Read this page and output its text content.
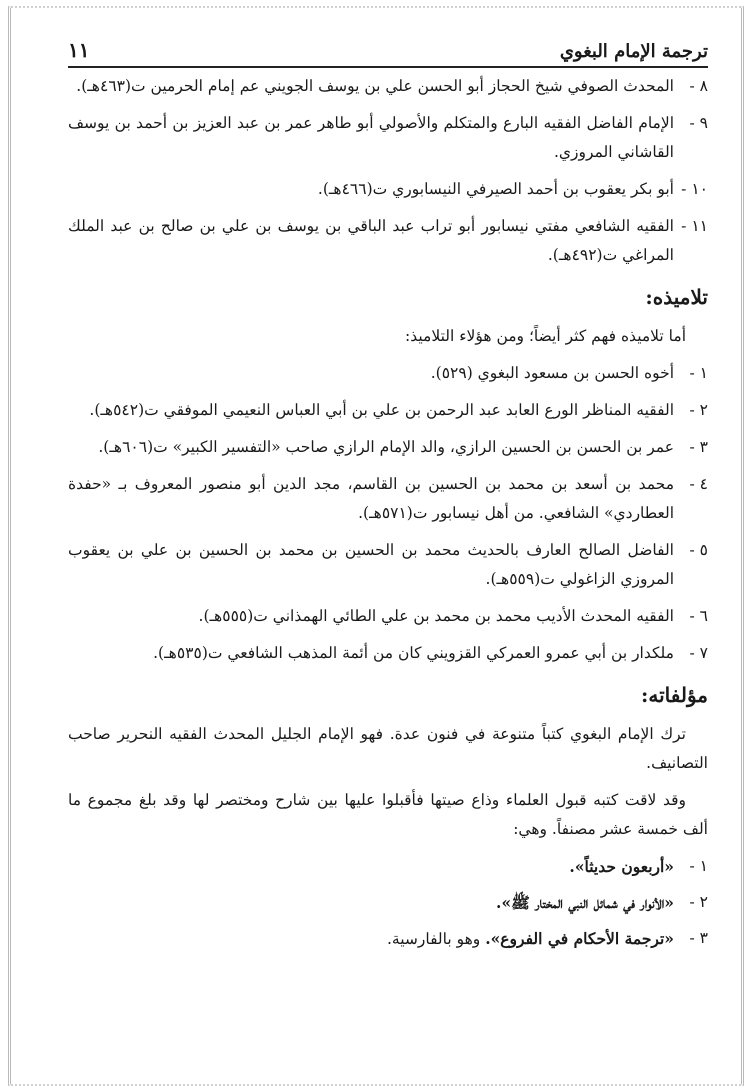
ترجمة الإمام البغوي
١١
٨ -
المحدث الصوفي شيخ الحجاز أبو الحسن علي بن يوسف الجويني عم إمام الحرمين ت(٤٦٣هـ).
٩ -
الإمام الفاضل الفقيه البارع والمتكلم والأصولي أبو طاهر عمر بن عبد العزيز بن أحمد بن يوسف القاشاني المروزي.
١٠ -
أبو بكر يعقوب بن أحمد الصيرفي النيسابوري ت(٤٦٦هـ).
١١ -
الفقيه الشافعي مفتي نيسابور أبو تراب عبد الباقي بن يوسف بن علي بن صالح بن عبد الملك المراغي ت(٤٩٢هـ).
تلاميذه:

أما تلاميذه فهم كثر أيضاً؛ ومن هؤلاء التلاميذ:

١ -
أخوه الحسن بن مسعود البغوي (٥٢٩).
٢ -
الفقيه المناظر الورع العابد عبد الرحمن بن علي بن أبي العباس النعيمي الموفقي ت(٥٤٢هـ).
٣ -
عمر بن الحسن بن الحسين الرازي، والد الإمام الرازي صاحب «التفسير الكبير» ت(٦٠٦هـ).
٤ -
محمد بن أسعد بن محمد بن الحسين بن القاسم، مجد الدين أبو منصور المعروف بـ «حفدة العطاردي» الشافعي. من أهل نيسابور ت(٥٧١هـ).
٥ -
الفاضل الصالح العارف بالحديث محمد بن الحسين بن محمد بن الحسين بن علي بن يعقوب المروزي الزاغولي ت(٥٥٩هـ).
٦ -
الفقيه المحدث الأديب محمد بن محمد بن علي الطائي الهمذاني ت(٥٥٥هـ).
٧ -
ملكدار بن أبي عمرو العمركي القزويني كان من أئمة المذهب الشافعي ت(٥٣٥هـ).
مؤلفاته:

ترك الإمام البغوي كتباً متنوعة في فنون عدة. فهو الإمام الجليل المحدث الفقيه النحرير صاحب التصانيف.

وقد لاقت كتبه قبول العلماء وذاع صيتها فأقبلوا عليها بين شارح ومختصر لها وقد بلغ مجموع ما ألف خمسة عشر مصنفاً. وهي:

١ -
«أربعون حديثاً».
٢ -
«الأنوار في شمائل النبي المختار ﷺ».
٣ -
«ترجمة الأحكام في الفروع». وهو بالفارسية.
